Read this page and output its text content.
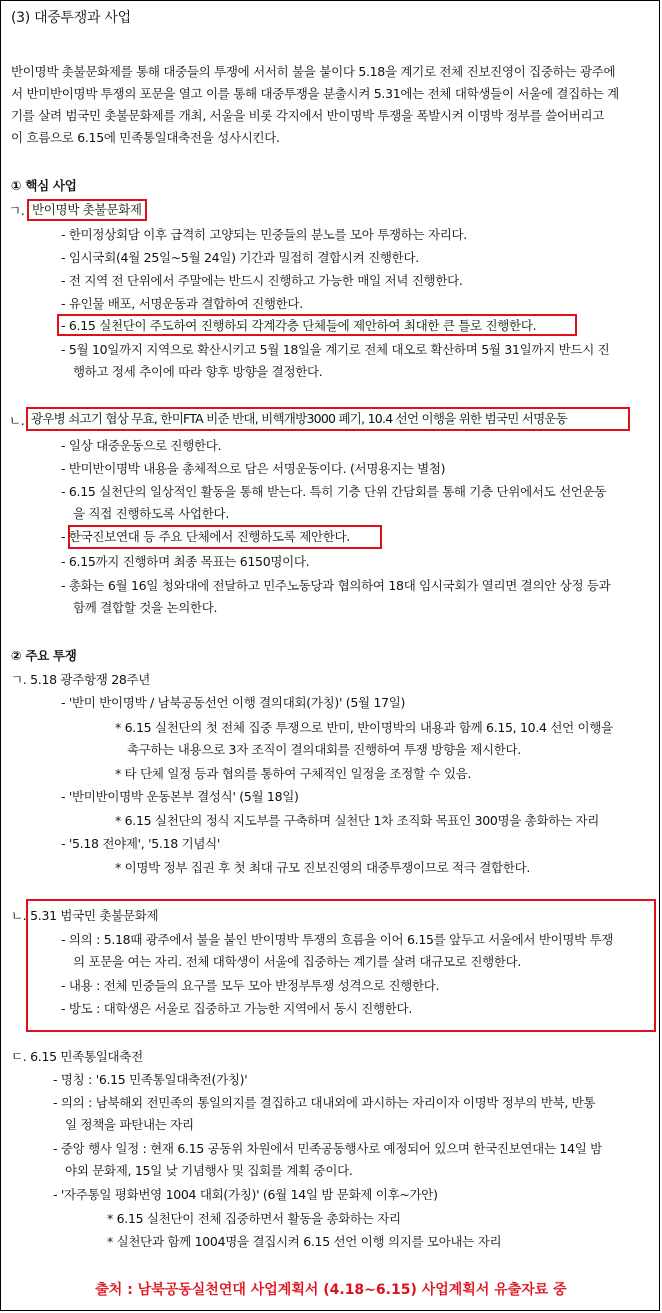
(3) 대중투쟁과 사업
반이명박 촛불문화제를 통해 대중들의 투쟁에 서서히 불을 붙이다 5.18을 계기로 전체 진보진영이 집중하는 광주에
서 반미반이명박 투쟁의 포문을 열고 이를 통해 대중투쟁을 분출시켜 5.31에는 전체 대학생들이 서울에 결집하는 계
기를 살려 범국민 촛불문화제를 개최, 서울을 비롯 각지에서 반이명박 투쟁을 폭발시켜 이명박 정부를 쓸어버리고
이 흐름으로 6.15에 민족통일대축전을 성사시킨다.
① 핵심 사업
ㄱ. 반이명박 촛불문화제
- 한미정상회담 이후 급격히 고양되는 민중들의 분노를 모아 투쟁하는 자리다.
- 임시국회(4월 25일~5월 24일) 기간과 밀접히 결합시켜 진행한다.
- 전 지역 전 단위에서 주말에는 반드시 진행하고 가능한 매일 저녁 진행한다.
- 유인물 배포, 서명운동과 결합하여 진행한다.
- 6.15 실천단이 주도하여 진행하되 각계각층 단체들에 제안하여 최대한 큰 틀로 진행한다.
- 5월 10일까지 지역으로 확산시키고 5월 18일을 계기로 전체 대오로 확산하며 5월 31일까지 반드시 진
행하고 정세 추이에 따라 향후 방향을 결정한다.
ㄴ. 광우병 쇠고기 협상 무효, 한미FTA 비준 반대, 비핵개방3000 폐기, 10.4 선언 이행을 위한 범국민 서명운동
- 일상 대중운동으로 진행한다.
- 반미반이명박 내용을 총체적으로 담은 서명운동이다. (서명용지는 별첨)
- 6.15 실천단의 일상적인 활동을 통해 받는다. 특히 기층 단위 간담회를 통해 기층 단위에서도 선언운동
을 직접 진행하도록 사업한다.
- 한국진보연대 등 주요 단체에서 진행하도록 제안한다.
- 6.15까지 진행하며 최종 목표는 6150명이다.
- 총화는 6월 16일 청와대에 전달하고 민주노동당과 협의하여 18대 임시국회가 열리면 결의안 상정 등과
함께 결합할 것을 논의한다.
② 주요 투쟁
ㄱ. 5.18 광주항쟁 28주년
- '반미 반이명박 / 남북공동선언 이행 결의대회(가칭)' (5월 17일)
* 6.15 실천단의 첫 전체 집중 투쟁으로 반미, 반이명박의 내용과 함께 6.15, 10.4 선언 이행을
촉구하는 내용으로 3자 조직이 결의대회를 진행하여 투쟁 방향을 제시한다.
* 타 단체 일정 등과 협의를 통하여 구체적인 일정을 조정할 수 있음.
- '반미반이명박 운동본부 결성식' (5월 18일)
* 6.15 실천단의 정식 지도부를 구축하며 실천단 1차 조직화 목표인 300명을 총화하는 자리
- '5.18 전야제', '5.18 기념식'
* 이명박 정부 집권 후 첫 최대 규모 진보진영의 대중투쟁이므로 적극 결합한다.
ㄴ. 5.31 범국민 촛불문화제
- 의의 : 5.18때 광주에서 불을 붙인 반이명박 투쟁의 흐름을 이어 6.15를 앞두고 서울에서 반이명박 투쟁
의 포문을 여는 자리. 전체 대학생이 서울에 집중하는 계기를 살려 대규모로 진행한다.
- 내용 : 전체 민중들의 요구를 모두 모아 반정부투쟁 성격으로 진행한다.
- 방도 : 대학생은 서울로 집중하고 가능한 지역에서 동시 진행한다.
ㄷ. 6.15 민족통일대축전
- 명칭 : '6.15 민족통일대축전(가칭)'
- 의의 : 남북해외 전민족의 통일의지를 결집하고 대내외에 과시하는 자리이자 이명박 정부의 반북, 반통
일 정책을 파탄내는 자리
- 중앙 행사 일정 : 현재 6.15 공동위 차원에서 민족공동행사로 예정되어 있으며 한국진보연대는 14일 밤
야외 문화제, 15일 낮 기념행사 및 집회를 계획 중이다.
- '자주통일 평화번영 1004 대회(가칭)' (6월 14일 밤 문화제 이후~가안)
* 6.15 실천단이 전체 집중하면서 활동을 총화하는 자리
* 실천단과 함께 1004명을 결집시켜 6.15 선언 이행 의지를 모아내는 자리
출처 : 남북공동실천연대 사업계획서 (4.18~6.15) 사업계획서 유출자료 중
